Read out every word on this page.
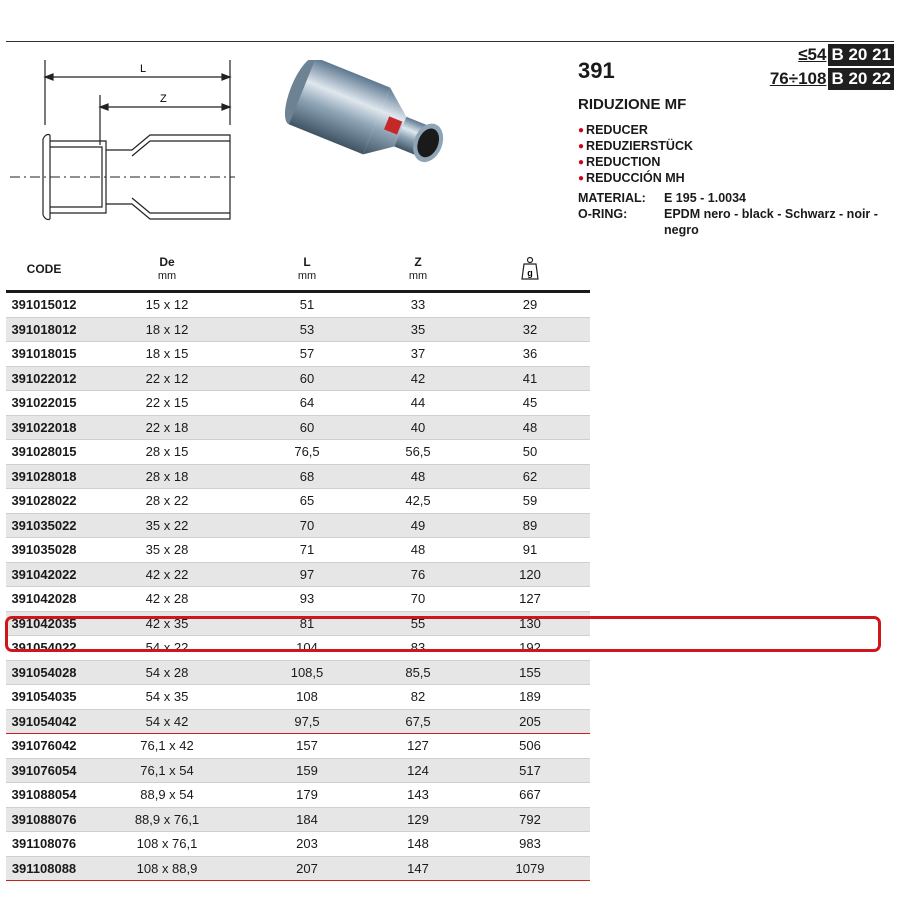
L
Z
391
RIDUZIONE MF
≤54 B 20 21
76÷108 B 20 22
● REDUCER
● REDUZIERSTÜCK
● REDUCTION
● REDUCCIÓN MH
MATERIAL:	E 195 - 1.0034
O-RING:	EPDM nero - black - Schwarz - noir - negro
CODE	De
mm
L
mm
Z
mm	g
391015012	15 x 12	51	33	29
391018012	18 x 12	53	35	32
391018015	18 x 15	57	37	36
391022012	22 x 12	60	42	41
391022015	22 x 15	64	44	45
391022018	22 x 18	60	40	48
391028015	28 x 15	76,5	56,5	50
391028018	28 x 18	68	48	62
391028022	28 x 22	65	42,5	59
391035022	35 x 22	70	49	89
391035028	35 x 28	71	48	91
391042022	42 x 22	97	76	120
391042028	42 x 28	93	70	127
391042035	42 x 35	81	55	130
391054022	54 x 22	104	83	192
391054028	54 x 28	108,5	85,5	155
391054035	54 x 35	108	82	189
391054042	54 x 42	97,5	67,5	205
391076042	76,1 x 42	157	127	506
391076054	76,1 x 54	159	124	517
391088054	88,9 x 54	179	143	667
391088076	88,9 x 76,1	184	129	792
391108076	108 x 76,1	203	148	983
391108088	108 x 88,9	207	147	1079
